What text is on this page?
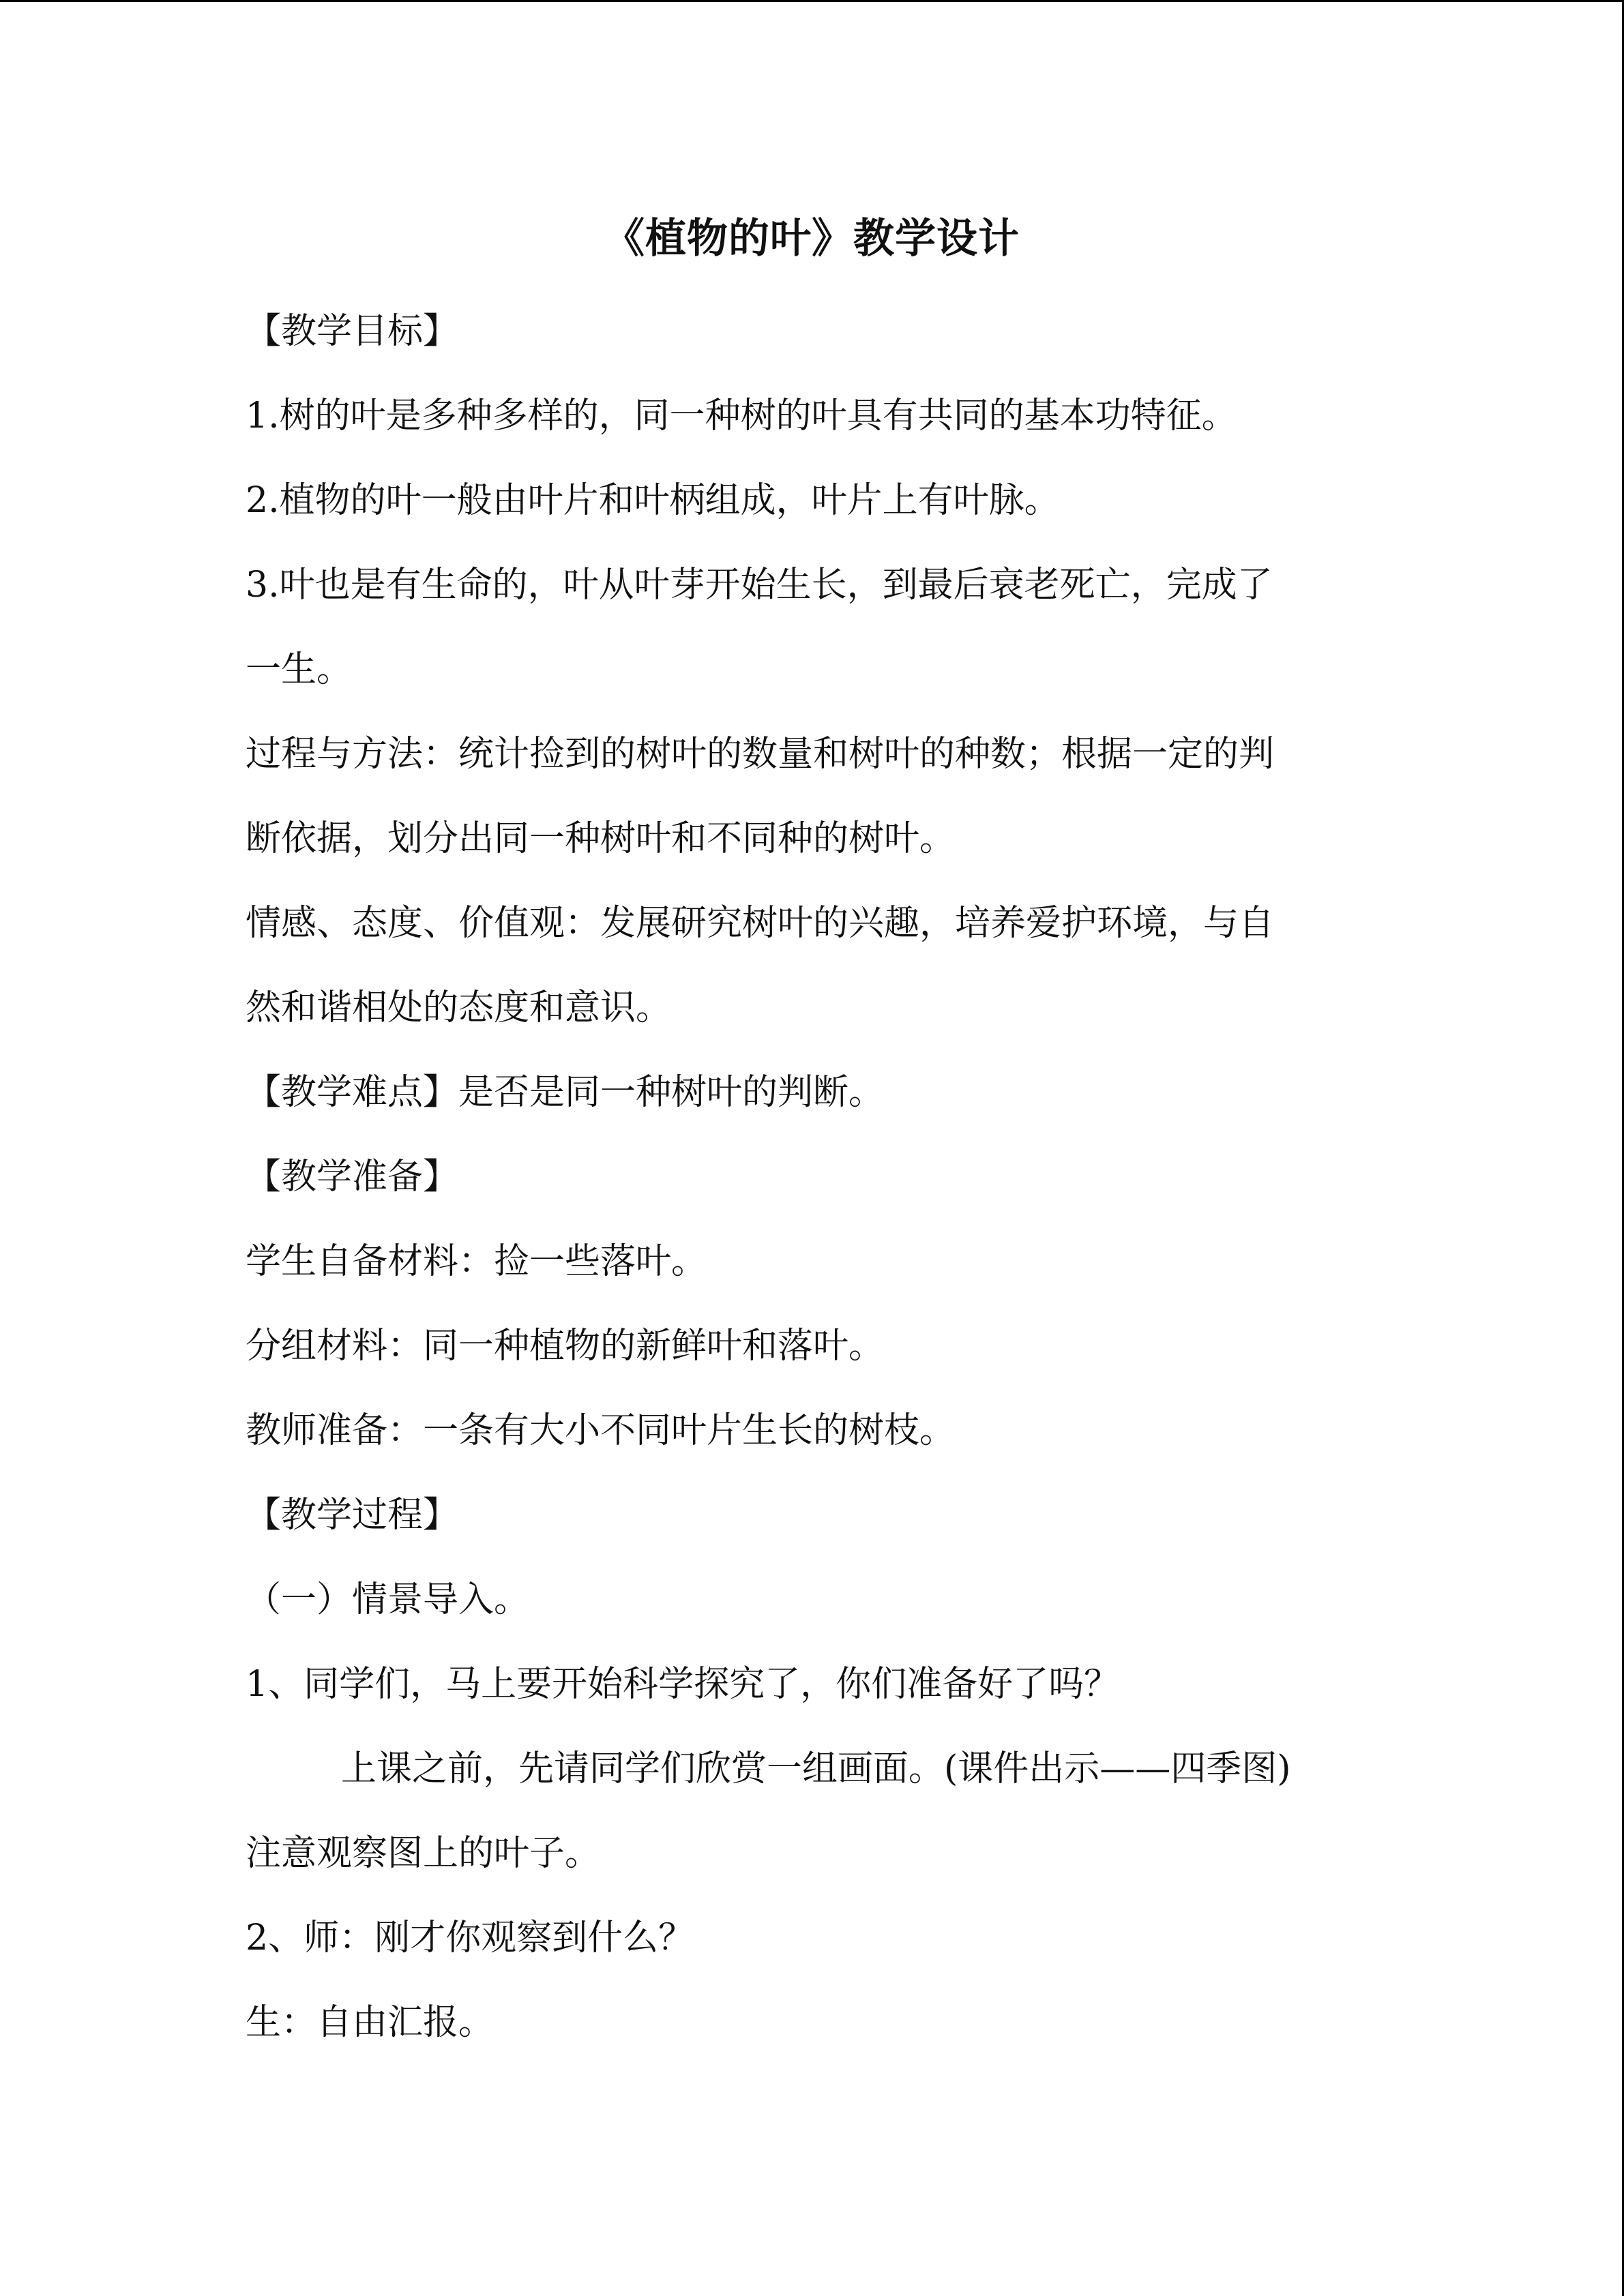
《植物的叶》教学设计

【教学目标】

1.树的叶是多种多样的，同一种树的叶具有共同的基本功特征。

2.植物的叶一般由叶片和叶柄组成，叶片上有叶脉。

3.叶也是有生命的，叶从叶芽开始生长，到最后衰老死亡，完成了

一生。

过程与方法：统计捡到的树叶的数量和树叶的种数；根据一定的判

断依据，划分出同一种树叶和不同种的树叶。

情感、态度、价值观：发展研究树叶的兴趣，培养爱护环境，与自

然和谐相处的态度和意识。

【教学难点】是否是同一种树叶的判断。

【教学准备】

学生自备材料：捡一些落叶。

分组材料：同一种植物的新鲜叶和落叶。

教师准备：一条有大小不同叶片生长的树枝。

【教学过程】

（一）情景导入。

1、同学们，马上要开始科学探究了，你们准备好了吗？

上课之前，先请同学们欣赏一组画面。(课件出示——四季图)

注意观察图上的叶子。

2、师：刚才你观察到什么？

生：自由汇报。
